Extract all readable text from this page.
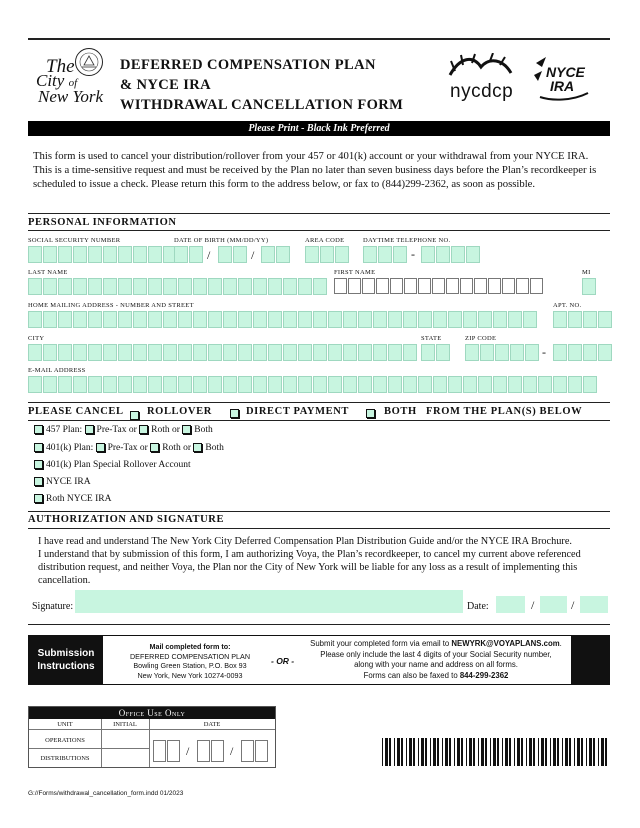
The
City of
New York
DEFERRED COMPENSATION PLAN
& NYCE IRA
WITHDRAWAL CANCELLATION FORM
nycdcp
NYCE
IRA
Please Print - Black Ink Preferred
This form is used to cancel your distribution/rollover from your 457 or 401(k) account or your withdrawal from your NYCE IRA. This is a time-sensitive request and must be received by the Plan no later than seven business days before the Plan’s recordkeeper is scheduled to issue a check. Please return this form to the address below, or fax to (844)299-2362, as soon as possible.
PERSONAL INFORMATION
SOCIAL SECURITY NUMBER	DATE OF BIRTH (MM/DD/YY)	AREA CODE	DAYTIME TELEPHONE NO.
/	/	-
LAST NAME	FIRST NAME	MI
HOME MAILING ADDRESS - NUMBER AND STREET	APT. NO.
CITY	STATE	ZIP CODE
-
E-MAIL ADDRESS
PLEASE CANCEL ROLLOVER	DIRECT PAYMENT	BOTH FROM THE PLAN(S) BELOW
457 Plan: Pre-Tax or Roth or Both
401(k) Plan: Pre-Tax or Roth or Both
401(k) Plan Special Rollover Account
NYCE IRA
Roth NYCE IRA
AUTHORIZATION AND SIGNATURE
I have read and understand The New York City Deferred Compensation Plan Distribution Guide and/or the NYCE IRA Brochure.
I understand that by submission of this form, I am authorizing Voya, the Plan’s recordkeeper, to cancel my current above referenced distribution request, and neither Voya, the Plan nor the City of New York will be liable for any loss as a result of implementing this cancellation.
Signature:	Date:	/	/
Submission
Instructions
Mail completed form to:
DEFERRED COMPENSATION PLAN
Bowling Green Station, P.O. Box 93
New York, New York 10274-0093
- OR -
Submit your completed form via email to NEWYRK@VOYAPLANS.com.
Please only include the last 4 digits of your Social Security number,
along with your name and address on all forms.
Forms can also be faxed to 844-299-2362
Office Use Only
UNIT	INITIAL	DATE
OPERATIONS
DISTRIBUTIONS
/	/
G://Forms/withdrawal_cancellation_form.indd 01/2023
